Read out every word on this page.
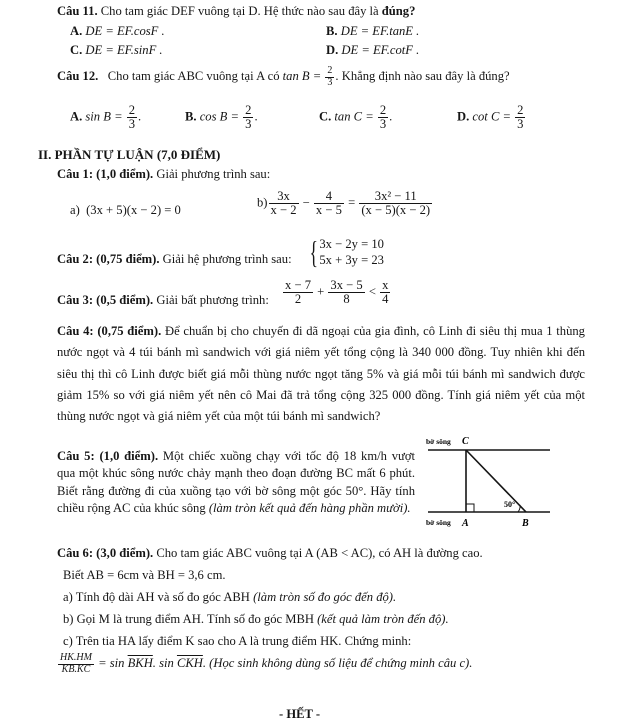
Câu 11. Cho tam giác DEF vuông tại D. Hệ thức nào sau đây là đúng?
A. DE = EF.cosF .	B. DE = EF.tanE .
C. DE = EF.sinF .	D. DE = EF.cotF .
Câu 12. Cho tam giác ABC vuông tại A có $\tan B = \frac{2}{3}$ . Khẳng định nào sau đây là đúng?
A. $\sin B = \frac{2}{3}$ .	B. $\cos B = \frac{2}{3}$ .	C. $\tan C = \frac{2}{3}$ .	D. $\cot C = \frac{2}{3}$
II. PHẦN TỰ LUẬN (7,0 ĐIỂM)
Câu 1: (1,0 điểm). Giải phương trình sau:
a) (3x + 5)(x − 2) = 0
$b) \frac{3x}{x - 2} - \frac{4}{x - 5} = \frac{\text{3x² − 11}}{(x - 5)(x - 2)}$
Câu 2: (0,75 điểm). Giải hệ phương trình sau: {3x − 2y = 10
5x + 3y = 23
Câu 3: (0,5 điểm). Giải bất phương trình: $\frac{x - 7}{2} + \frac{3x - 5}{8} < \frac{x}{4}$
Câu 4: (0,75 điểm). Để chuẩn bị cho chuyến đi dã ngoại của gia đình, cô Linh đi siêu thị mua 1 thùng nước ngọt và 4 túi bánh mì sandwich với giá niêm yết tổng cộng là 340 000 đồng. Tuy nhiên khi đến siêu thị thì cô Linh được biết giá mỗi thùng nước ngọt tăng 5% và giá mỗi túi bánh mì sandwich được giảm 15% so với giá niêm yết nên cô Mai đã trả tổng cộng 325 000 đồng. Tính giá niêm yết của một thùng nước ngọt và giá niêm yết của một túi bánh mì sandwich?
Câu 5: (1,0 điểm). Một chiếc xuồng chạy với tốc độ 18 km/h vượt qua một khúc sông nước chảy mạnh theo đoạn đường BC mất 6 phút. Biết rằng đường đi của xuồng tạo với bờ sông một góc 50°. Hãy tính chiều rộng AC của khúc sông (làm tròn kết quả đến hàng phần mười).
bờ sông C
bờ sông A	B
50°
Câu 6: (3,0 điểm). Cho tam giác ABC vuông tại A (AB < AC), có AH là đường cao.
Biết AB = 6cm và BH = 3,6 cm.
a) Tính độ dài AH và số đo góc ABH (làm tròn số đo góc đến độ).
b) Gọi M là trung điểm AH. Tính số đo góc MBH (kết quả làm tròn đến độ).
c) Trên tia HA lấy điểm K sao cho A là trung điểm HK. Chứng minh:
$\frac{HK.HM}{KB.KC} = \sin \overline{BKH}$. $\sin \overline{CKH}$. (Học sinh không dùng số liệu để chứng minh câu c).
- HẾT -
